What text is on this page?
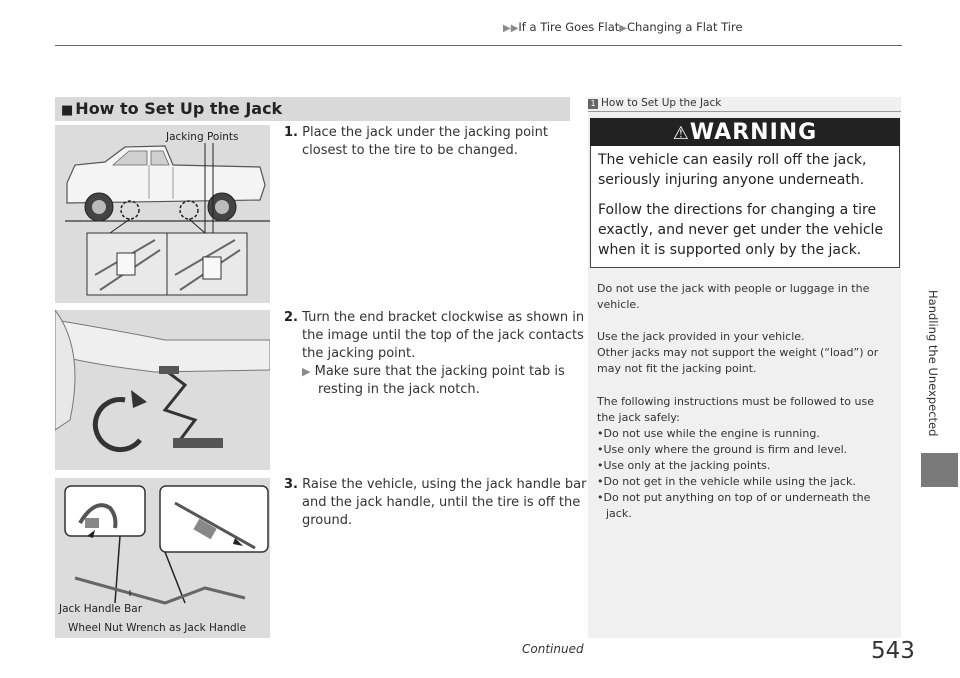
▶▶If a Tire Goes Flat▶Changing a Flat Tire
■ How to Set Up the Jack
Jacking Points
Jack Handle Bar
Wheel Nut Wrench as Jack Handle
1. Place the jack under the jacking point
closest to the tire to be changed.
2. Turn the end bracket clockwise as shown in
the image until the top of the jack contacts
the jacking point.
▶ Make sure that the jacking point tab is
resting in the jack notch.
3. Raise the vehicle, using the jack handle bar
and the jack handle, until the tire is off the
ground.
1 How to Set Up the Jack
⚠WARNING
The vehicle can easily roll off the jack,
seriously injuring anyone underneath.
Follow the directions for changing a tire
exactly, and never get under the vehicle
when it is supported only by the jack.
Do not use the jack with people or luggage in the
vehicle.
Use the jack provided in your vehicle.
Other jacks may not support the weight (“load”) or
may not fit the jacking point.
The following instructions must be followed to use
the jack safely:
•Do not use while the engine is running.
•Use only where the ground is firm and level.
•Use only at the jacking points.
•Do not get in the vehicle while using the jack.
•Do not put anything on top of or underneath the
jack.
Handling the Unexpected
Continued	543
